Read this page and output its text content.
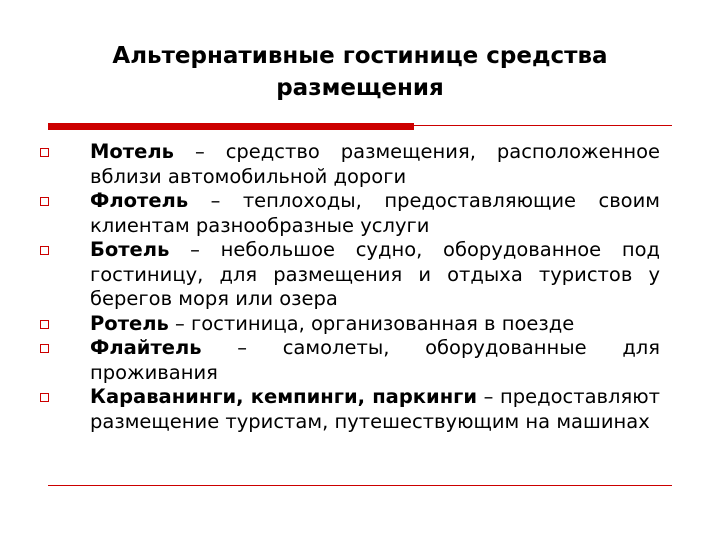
Альтернативные гостинице средства
размещения
Мотель – средство размещения, расположенное вблизи автомобильной дороги
Флотель – теплоходы, предоставляющие своим клиентам разнообразные услуги
Ботель – небольшое судно, оборудованное под гостиницу, для размещения и отдыха туристов у берегов моря или озера
Ротель – гостиница, организованная в поезде
Флайтель – самолеты, оборудованные для проживания
Караванинги, кемпинги, паркинги – предоставляют размещение туристам, путешествующим на машинах
